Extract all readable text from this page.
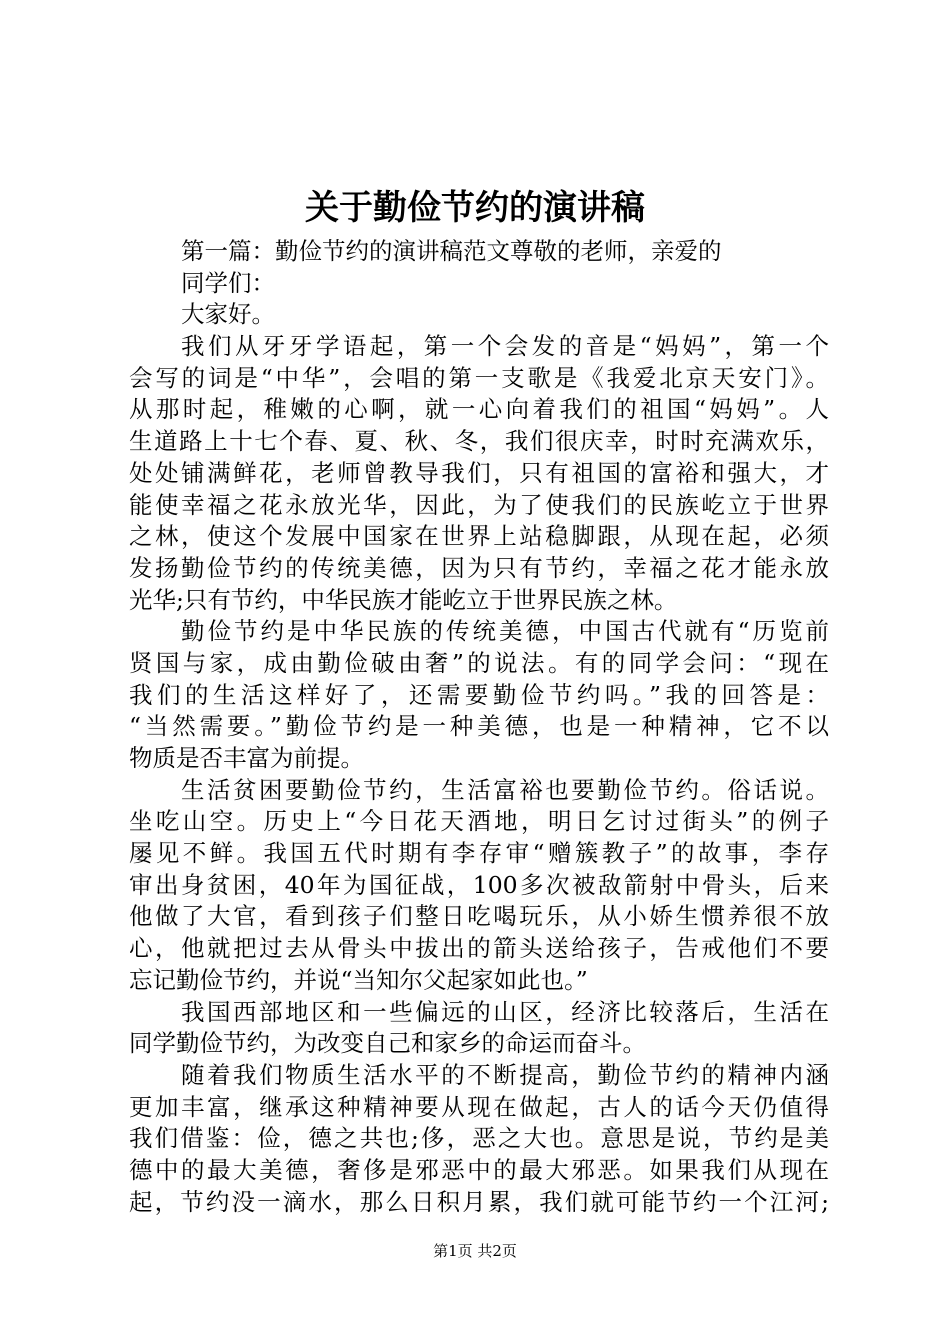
关于勤俭节约的演讲稿

第一篇：勤俭节约的演讲稿范文尊敬的老师，亲爱的

同学们：

大家好。

我们从牙牙学语起，第一个会发的音是“妈妈”，第一个

会写的词是“中华”，会唱的第一支歌是《我爱北京天安门》。

从那时起，稚嫩的心啊，就一心向着我们的祖国“妈妈”。人

生道路上十七个春、夏、秋、冬，我们很庆幸，时时充满欢乐，

处处铺满鲜花，老师曾教导我们，只有祖国的富裕和强大，才

能使幸福之花永放光华，因此，为了使我们的民族屹立于世界

之林，使这个发展中国家在世界上站稳脚跟，从现在起，必须

发扬勤俭节约的传统美德，因为只有节约，幸福之花才能永放

光华;只有节约，中华民族才能屹立于世界民族之林。

勤俭节约是中华民族的传统美德，中国古代就有“历览前

贤国与家，成由勤俭破由奢”的说法。有的同学会问：“现在

我们的生活这样好了，还需要勤俭节约吗。”我的回答是：

“当然需要。”勤俭节约是一种美德，也是一种精神，它不以

物质是否丰富为前提。

生活贫困要勤俭节约，生活富裕也要勤俭节约。俗话说。

坐吃山空。历史上“今日花天酒地，明日乞讨过街头”的例子

屡见不鲜。我国五代时期有李存审“赠簇教子”的故事，李存

审出身贫困，40年为国征战，100多次被敌箭射中骨头，后来

他做了大官，看到孩子们整日吃喝玩乐，从小娇生惯养很不放

心，他就把过去从骨头中拔出的箭头送给孩子，告戒他们不要

忘记勤俭节约，并说“当知尔父起家如此也。”

我国西部地区和一些偏远的山区，经济比较落后，生活在

同学勤俭节约，为改变自己和家乡的命运而奋斗。

随着我们物质生活水平的不断提高，勤俭节约的精神内涵

更加丰富，继承这种精神要从现在做起，古人的话今天仍值得

我们借鉴：俭，德之共也;侈，恶之大也。意思是说，节约是美

德中的最大美德，奢侈是邪恶中的最大邪恶。如果我们从现在

起，节约没一滴水，那么日积月累，我们就可能节约一个江河;

第1页 共2页
